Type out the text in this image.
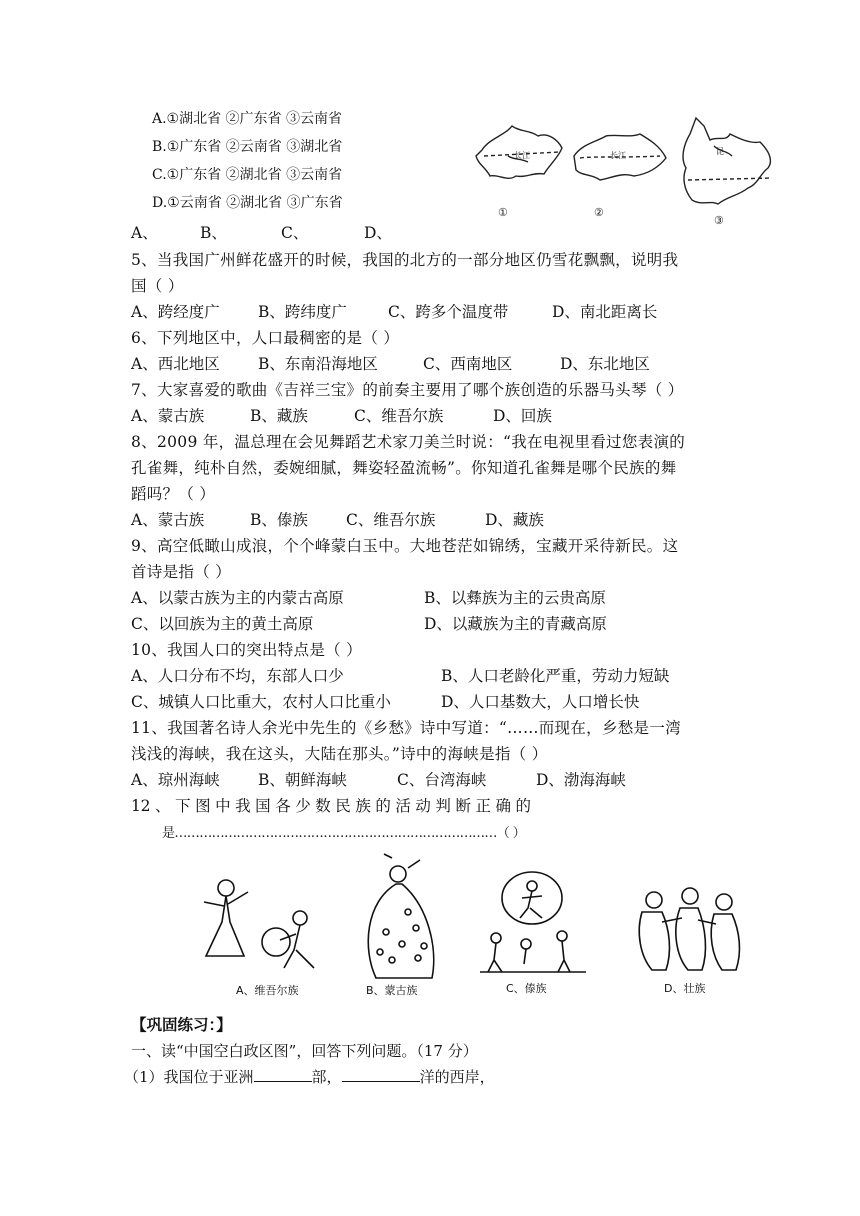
A.①湖北省 ②广东省 ③云南省
B.①广东省 ②云南省 ③湖北省
C.①广东省 ②湖北省 ③云南省
D.①云南省 ②湖北省 ③广东省
长江	长江	昆
①	②
③
A、	B、	C、	D、
5、当我国广州鲜花盛开的时候，我国的北方的一部分地区仍雪花飘飘，说明我
国（ ）
A、跨经度广 B、跨纬度广	C、跨多个温度带	D、南北距离长
6、下列地区中，人口最稠密的是（ ）
A、西北地区 B、东南沿海地区	C、西南地区	D、东北地区
7、大家喜爱的歌曲《吉祥三宝》的前奏主要用了哪个族创造的乐器马头琴（ ）
A、蒙古族	B、藏族	C、维吾尔族	D、回族
8、2009 年，温总理在会见舞蹈艺术家刀美兰时说：“我在电视里看过您表演的
孔雀舞，纯朴自然，委婉细腻，舞姿轻盈流畅”。你知道孔雀舞是哪个民族的舞
蹈吗？（ ）
A、蒙古族	B、傣族 C、维吾尔族	D、藏族
9、高空低瞰山成浪，个个峰蒙白玉中。大地苍茫如锦绣，宝藏开采待新民。这
首诗是指（ ）
A、以蒙古族为主的内蒙古高原	B、以彝族为主的云贵高原
C、以回族为主的黄土高原	D、以藏族为主的青藏高原
10、我国人口的突出特点是（ ）
A、人口分布不均，东部人口少	B、人口老龄化严重，劳动力短缺
C、城镇人口比重大，农村人口比重小	D、人口基数大，人口增长快
11、我国著名诗人余光中先生的《乡愁》诗中写道：“……而现在，乡愁是一湾
浅浅的海峡，我在这头，大陆在那头。”诗中的海峡是指（ ）
A、琼州海峡 B、朝鲜海峡	C、台湾海峡	D、渤海海峡
12 、 下 图 中 我 国 各 少 数 民 族 的 活 动 判 断 正 确 的
是……………………………………………………………………（ ）
A、维吾尔族	B、蒙古族	C、傣族	D、壮族
【巩固练习：】
一、读“中国空白政区图”，回答下列问题。（17 分）
（1）我国位于亚洲	部，	洋的西岸，
